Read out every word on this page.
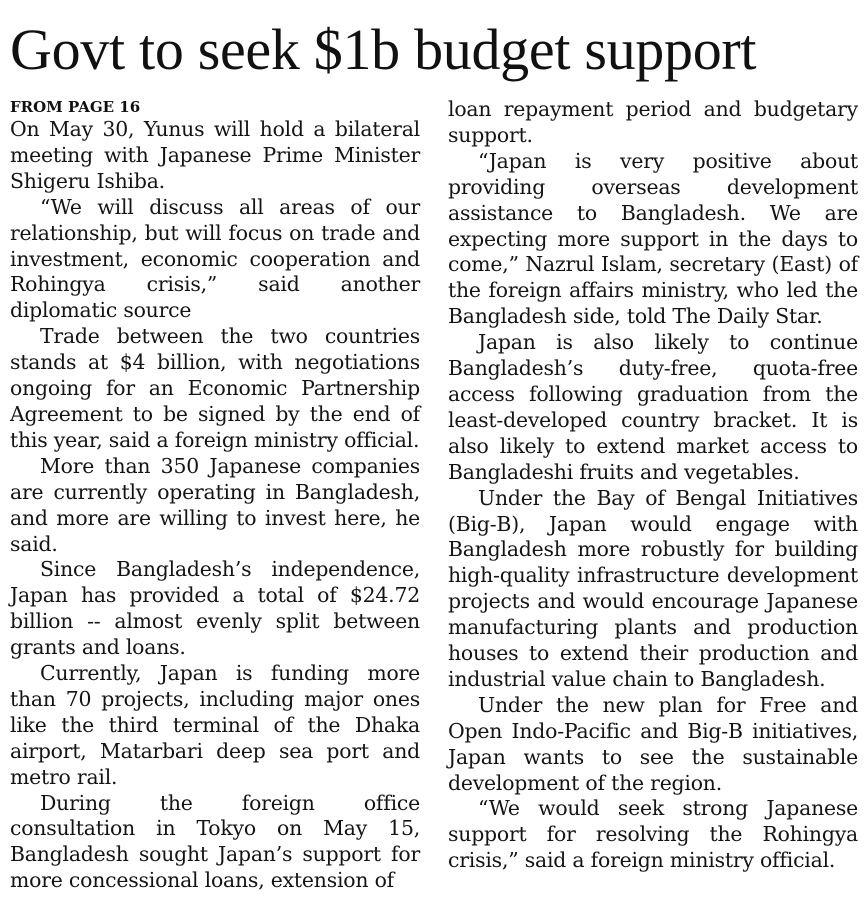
Govt to seek $1b budget support

FROM PAGE 16

On May 30, Yunus will hold a bilateral meeting with Japanese Prime Minister Shigeru Ishiba.

“We will discuss all areas of our relationship, but will focus on trade and investment, economic cooperation and Rohingya crisis,” said another diplomatic source

Trade between the two countries stands at $4 billion, with negotiations ongoing for an Economic Partnership Agreement to be signed by the end of this year, said a foreign ministry official.

More than 350 Japanese companies are currently operating in Bangladesh, and more are willing to invest here, he said.

Since Bangladesh’s independence, Japan has provided a total of $24.72 billion -- almost evenly split between grants and loans.

Currently, Japan is funding more than 70 projects, including major ones like the third terminal of the Dhaka airport, Matarbari deep sea port and metro rail.

During the foreign office consultation in Tokyo on May 15, Bangladesh sought Japan’s support for more concessional loans, extension of

loan repayment period and budgetary support.

“Japan is very positive about providing overseas development assistance to Bangladesh. We are expecting more support in the days to come,” Nazrul Islam, secretary (East) of the foreign affairs ministry, who led the Bangladesh side, told The Daily Star.

Japan is also likely to continue Bangladesh’s duty-free, quota-free access following graduation from the least-developed country bracket. It is also likely to extend market access to Bangladeshi fruits and vegetables.

Under the Bay of Bengal Initiatives (Big-B), Japan would engage with Bangladesh more robustly for building high-quality infrastructure development projects and would encourage Japanese manufacturing plants and production houses to extend their production and industrial value chain to Bangladesh.

Under the new plan for Free and Open Indo-Pacific and Big-B initiatives, Japan wants to see the sustainable development of the region.

“We would seek strong Japanese support for resolving the Rohingya crisis,” said a foreign ministry official.
